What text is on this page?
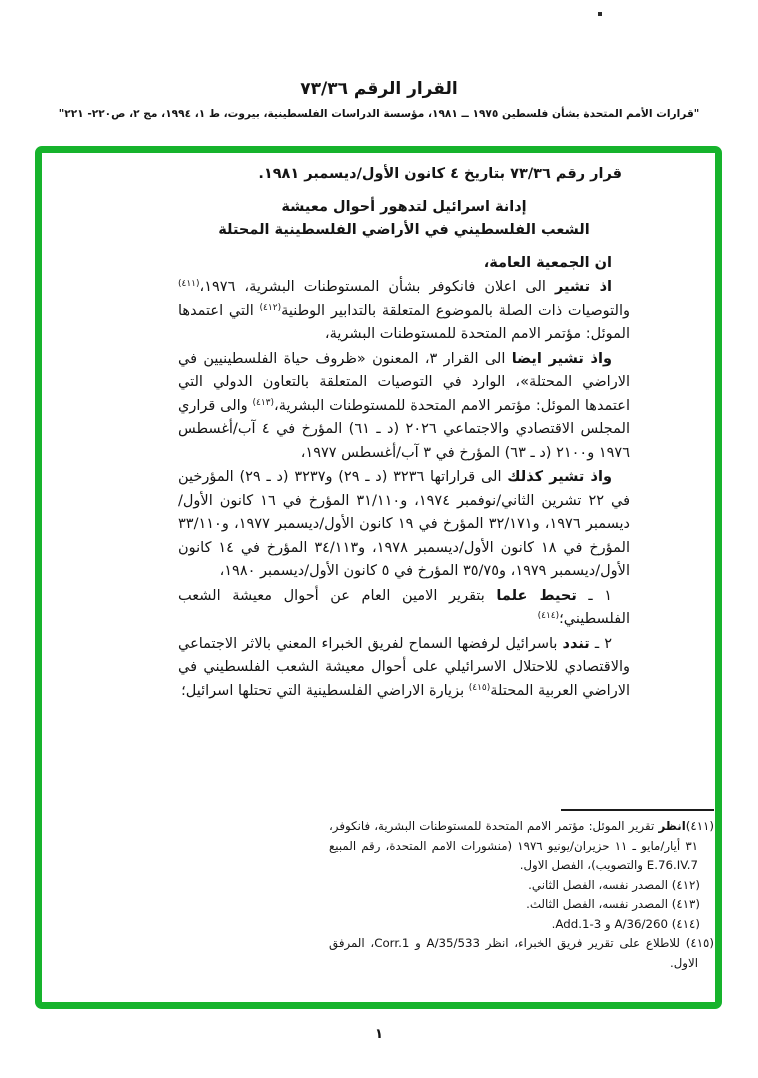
القرار الرقم ٧٣/٣٦
"قرارات الأمم المتحدة بشأن فلسطين ١٩٧٥ ــ ١٩٨١، مؤسسة الدراسات الفلسطينية، بيروت، ط ١، ١٩٩٤، مج ٢، ص٢٢٠- ٢٢١"

قرار رقم ٧٣/٣٦ بتاريخ ٤ كانون الأول/ديسمبر ١٩٨١.

إدانة اسرائيل لتدهور أحوال معيشة

الشعب الفلسطيني في الأراضي الفلسطينية المحتلة

ان الجمعية العامة،

اذ تشير الى اعلان فانكوفر بشأن المستوطنات البشرية، ١٩٧٦،$^{(٤١١)}$ والتوصيات ذات الصلة بالموضوع المتعلقة بالتدابير الوطنية$^{(٤١٢)}$ التي اعتمدها الموئل: مؤتمر الامم المتحدة للمستوطنات البشرية،

واذ تشير ايضا الى القرار ٣، المعنون «ظروف حياة الفلسطينيين في الاراضي المحتلة»، الوارد في التوصيات المتعلقة بالتعاون الدولي التي اعتمدها الموئل: مؤتمر الامم المتحدة للمستوطنات البشرية،$^{(٤١٣)}$ والى قراري المجلس الاقتصادي والاجتماعي ٢٠٢٦ (د ـ ٦١) المؤرخ في ٤ آب/أغسطس ١٩٧٦ و٢١٠٠ (د ـ ٦٣) المؤرخ في ٣ آب/أغسطس ١٩٧٧،

واذ تشير كذلك الى قراراتها ٣٢٣٦ (د ـ ٢٩) و٣٢٣٧ (د ـ ٢٩) المؤرخين في ٢٢ تشرين الثاني/نوفمبر ١٩٧٤، و٣١/١١٠ المؤرخ في ١٦ كانون الأول/ديسمبر ١٩٧٦، و٣٢/١٧١ المؤرخ في ١٩ كانون الأول/ديسمبر ١٩٧٧، و٣٣/١١٠ المؤرخ في ١٨ كانون الأول/ديسمبر ١٩٧٨، و٣٤/١١٣ المؤرخ في ١٤ كانون الأول/ديسمبر ١٩٧٩، و٣٥/٧٥ المؤرخ في ٥ كانون الأول/ديسمبر ١٩٨٠،

١ ـ تحيط علما بتقرير الامين العام عن أحوال معيشة الشعب الفلسطيني؛$^{(٤١٤)}$

٢ ـ تندد باسرائيل لرفضها السماح لفريق الخبراء المعني بالاثر الاجتماعي والاقتصادي للاحتلال الاسرائيلي على أحوال معيشة الشعب الفلسطيني في الاراضي العربية المحتلة$^{(٤١٥)}$ بزيارة الاراضي الفلسطينية التي تحتلها اسرائيل؛

(٤١١)انظر تقرير الموئل: مؤتمر الامم المتحدة للمستوطنات البشرية، فانكوفر، ٣١ أيار/مايو ـ ١١ حزيران/يونيو ١٩٧٦ (منشورات الامم المتحدة، رقم المبيع E.76.IV.7 والتصويب)، الفصل الاول.
(٤١٢) المصدر نفسه، الفصل الثاني.
(٤١٣) المصدر نفسه، الفصل الثالث.
(٤١٤) A/36/260 و Add.1-3.
(٤١٥) للاطلاع على تقرير فريق الخبراء، انظر A/35/533 و Corr.1، المرفق الاول.
١
